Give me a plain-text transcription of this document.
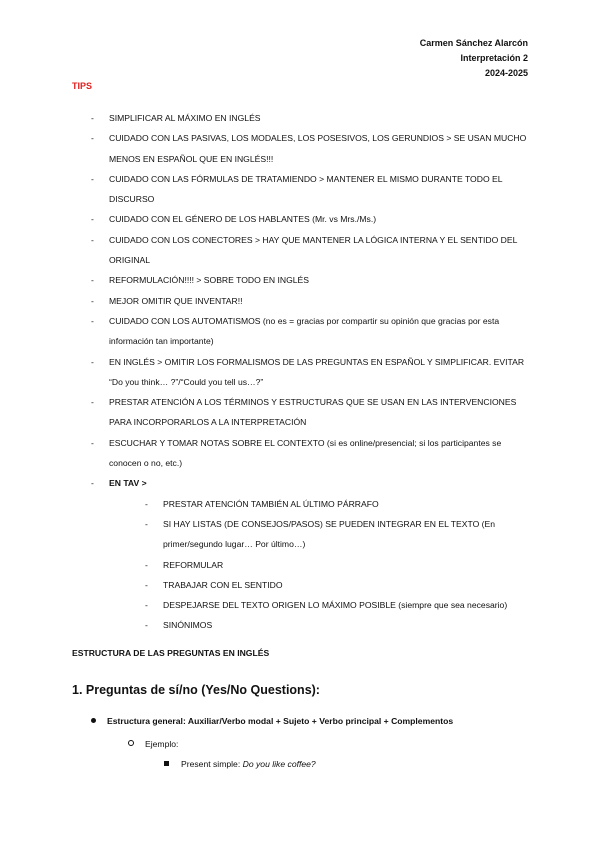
Carmen Sánchez Alarcón
Interpretación 2
2024-2025
TIPS
- SIMPLIFICAR AL MÁXIMO EN INGLÉS
- CUIDADO CON LAS PASIVAS, LOS MODALES, LOS POSESIVOS, LOS GERUNDIOS > SE USAN MUCHO MENOS EN ESPAÑOL QUE EN INGLÉS!!!
- CUIDADO CON LAS FÓRMULAS DE TRATAMIENDO > MANTENER EL MISMO DURANTE TODO EL DISCURSO
- CUIDADO CON EL GÉNERO DE LOS HABLANTES (Mr. vs Mrs./Ms.)
- CUIDADO CON LOS CONECTORES > HAY QUE MANTENER LA LÓGICA INTERNA Y EL SENTIDO DEL ORIGINAL
- REFORMULACIÓN!!!! > SOBRE TODO EN INGLÉS
- MEJOR OMITIR QUE INVENTAR!!
- CUIDADO CON LOS AUTOMATISMOS (no es = gracias por compartir su opinión que gracias por esta información tan importante)
- EN INGLÉS > OMITIR LOS FORMALISMOS DE LAS PREGUNTAS EN ESPAÑOL Y SIMPLIFICAR. EVITAR “Do you think… ?”/“Could you tell us…?”
- PRESTAR ATENCIÓN A LOS TÉRMINOS Y ESTRUCTURAS QUE SE USAN EN LAS INTERVENCIONES PARA INCORPORARLOS A LA INTERPRETACIÓN
- ESCUCHAR Y TOMAR NOTAS SOBRE EL CONTEXTO (si es online/presencial; si los participantes se conocen o no, etc.)
- EN TAV >
- PRESTAR ATENCIÓN TAMBIÉN AL ÚLTIMO PÁRRAFO
- SI HAY LISTAS (DE CONSEJOS/PASOS) SE PUEDEN INTEGRAR EN EL TEXTO (En primer/segundo lugar… Por último…)
- REFORMULAR
- TRABAJAR CON EL SENTIDO
- DESPEJARSE DEL TEXTO ORIGEN LO MÁXIMO POSIBLE (siempre que sea necesario)
- SINÓNIMOS
ESTRUCTURA DE LAS PREGUNTAS EN INGLÉS
1. Preguntas de sí/no (Yes/No Questions):
Estructura general: Auxiliar/Verbo modal + Sujeto + Verbo principal + Complementos
Ejemplo:
Present simple: Do you like coffee?
